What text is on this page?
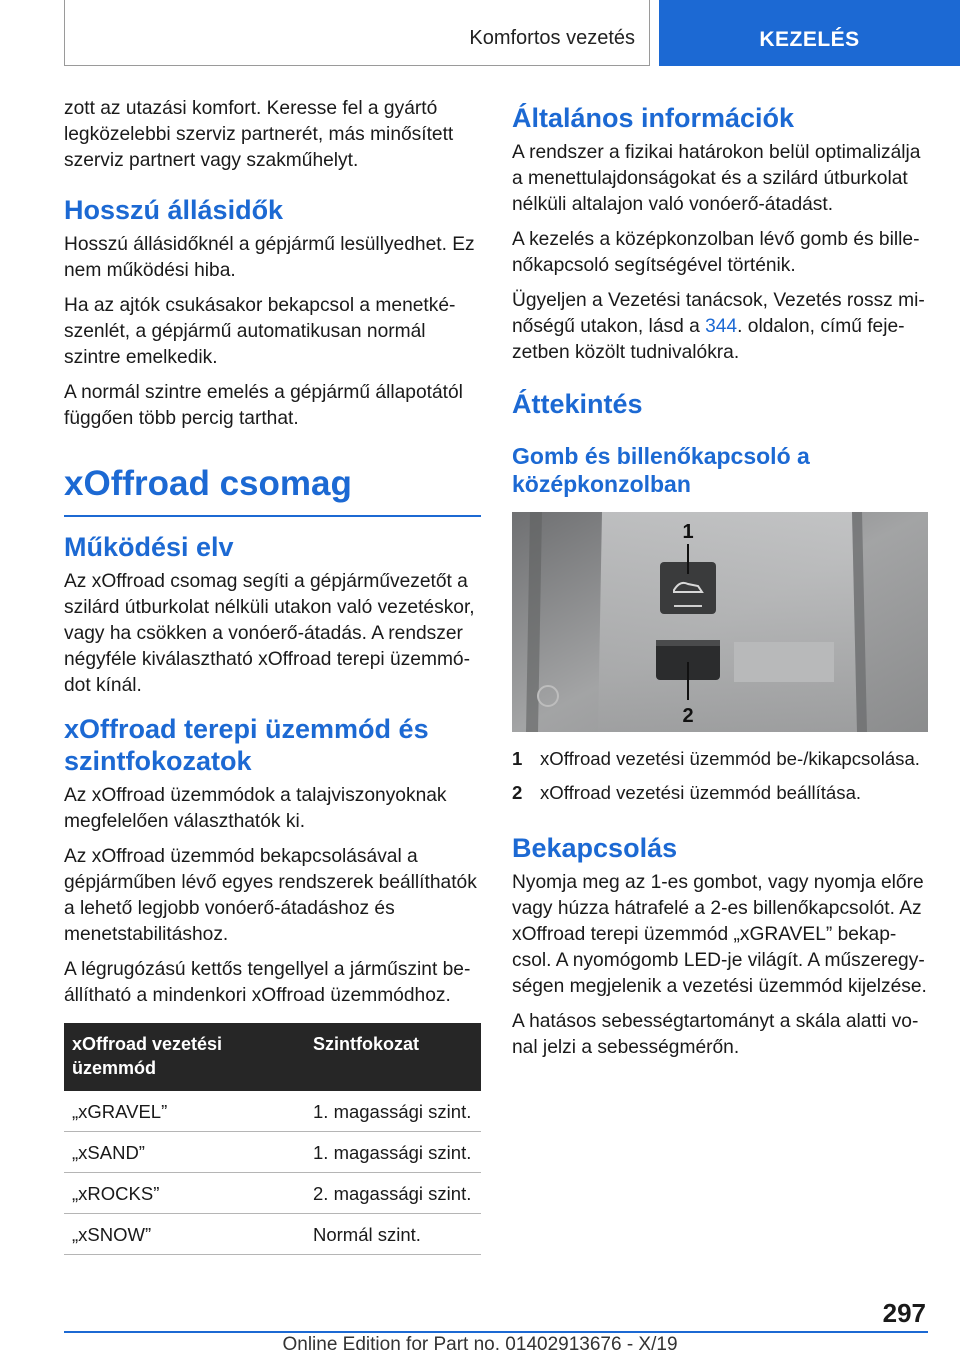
Komfortos vezetés	KEZELÉS

zott az utazási komfort. Keresse fel a gyártó legközelebbi szerviz partnerét, más minősített szerviz partnert vagy szakműhelyt.

Hosszú állásidők

Hosszú állásidőknél a gépjármű lesüllyedhet. Ez nem működési hiba.

Ha az ajtók csukásakor bekapcsol a menetkészenlét, a gépjármű automatikusan normál szintre emelkedik.

A normál szintre emelés a gépjármű állapotától függően több percig tarthat.

xOffroad csomag
Működési elv

Az xOffroad csomag segíti a gépjárművezetőt a szilárd útburkolat nélküli utakon való vezetéskor, vagy ha csökken a vonóerő-átadás. A rendszer négyféle kiválasztható xOffroad terepi üzemmódot kínál.

xOffroad terepi üzemmód és szintfokozatok

Az xOffroad üzemmódok a talajviszonyoknak megfelelően választhatók ki.

Az xOffroad üzemmód bekapcsolásával a gépjárműben lévő egyes rendszerek beállíthatók a lehető legjobb vonóerő-átadáshoz és menetstabilitáshoz.

A légrugózású kettős tengellyel a járműszint beállítható a mindenkori xOffroad üzemmódhoz.

xOffroad vezetési üzemmód	Szintfokozat
„xGRAVEL”	1. magassági szint.
„xSAND”	1. magassági szint.
„xROCKS”	2. magassági szint.
„xSNOW”	Normál szint.
Általános információk

A rendszer a fizikai határokon belül optimalizálja a menettulajdonságokat és a szilárd útburkolat nélküli altalajon való vonóerő-átadást.

A kezelés a középkonzolban lévő gomb és billenőkapcsoló segítségével történik.

Ügyeljen a Vezetési tanácsok, Vezetés rossz minőségű utakon, lásd a 344. oldalon, című fejezetben közölt tudnivalókra.

Áttekintés
Gomb és billenőkapcsoló a középkonzolban
1
2
1 xOffroad vezetési üzemmód be-/kikapcsolása.
2 xOffroad vezetési üzemmód beállítása.
Bekapcsolás

Nyomja meg az 1-es gombot, vagy nyomja előre vagy húzza hátrafelé a 2-es billenőkapcsolót. Az xOffroad terepi üzemmód „xGRAVEL” bekapcsol. A nyomógomb LED-je világít. A műszeregységen megjelenik a vezetési üzemmód kijelzése.

A hatásos sebességtartományt a skála alatti vonal jelzi a sebességmérőn.

297
Online Edition for Part no. 01402913676 - X/19
